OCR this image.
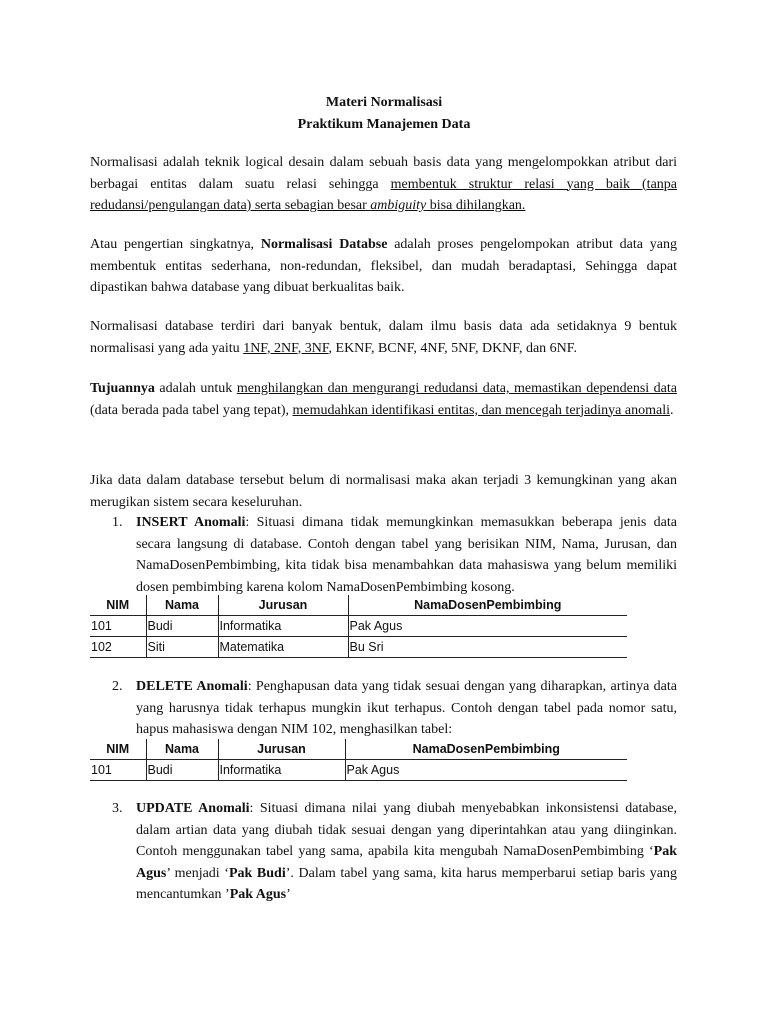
Materi Normalisasi
Praktikum Manajemen Data

Normalisasi adalah teknik logical desain dalam sebuah basis data yang mengelompokkan atribut dari berbagai entitas dalam suatu relasi sehingga membentuk struktur relasi yang baik (tanpa redudansi/pengulangan data) serta sebagian besar ambiguity bisa dihilangkan.

Atau pengertian singkatnya, Normalisasi Databse adalah proses pengelompokan atribut data yang membentuk entitas sederhana, non-redundan, fleksibel, dan mudah beradaptasi, Sehingga dapat dipastikan bahwa database yang dibuat berkualitas baik.

Normalisasi database terdiri dari banyak bentuk, dalam ilmu basis data ada setidaknya 9 bentuk normalisasi yang ada yaitu 1NF, 2NF, 3NF, EKNF, BCNF, 4NF, 5NF, DKNF, dan 6NF.

Tujuannya adalah untuk menghilangkan dan mengurangi redudansi data, memastikan dependensi data (data berada pada tabel yang tepat), memudahkan identifikasi entitas, dan mencegah terjadinya anomali.

Jika data dalam database tersebut belum di normalisasi maka akan terjadi 3 kemungkinan yang akan merugikan sistem secara keseluruhan.

1. INSERT Anomali: Situasi dimana tidak memungkinkan memasukkan beberapa jenis data secara langsung di database. Contoh dengan tabel yang berisikan NIM, Nama, Jurusan, dan NamaDosenPembimbing, kita tidak bisa menambahkan data mahasiswa yang belum memiliki dosen pembimbing karena kolom NamaDosenPembimbing kosong.
NIM	Nama	Jurusan	NamaDosenPembimbing
101	Budi	Informatika	Pak Agus
102	Siti	Matematika	Bu Sri
2. DELETE Anomali: Penghapusan data yang tidak sesuai dengan yang diharapkan, artinya data yang harusnya tidak terhapus mungkin ikut terhapus. Contoh dengan tabel pada nomor satu, hapus mahasiswa dengan NIM 102, menghasilkan tabel:
NIM	Nama	Jurusan	NamaDosenPembimbing
101	Budi	Informatika	Pak Agus
3. UPDATE Anomali: Situasi dimana nilai yang diubah menyebabkan inkonsistensi database, dalam artian data yang diubah tidak sesuai dengan yang diperintahkan atau yang diinginkan. Contoh menggunakan tabel yang sama, apabila kita mengubah NamaDosenPembimbing ‘Pak Agus’ menjadi ‘Pak Budi’. Dalam tabel yang sama, kita harus memperbarui setiap baris yang mencantumkan ’Pak Agus’
